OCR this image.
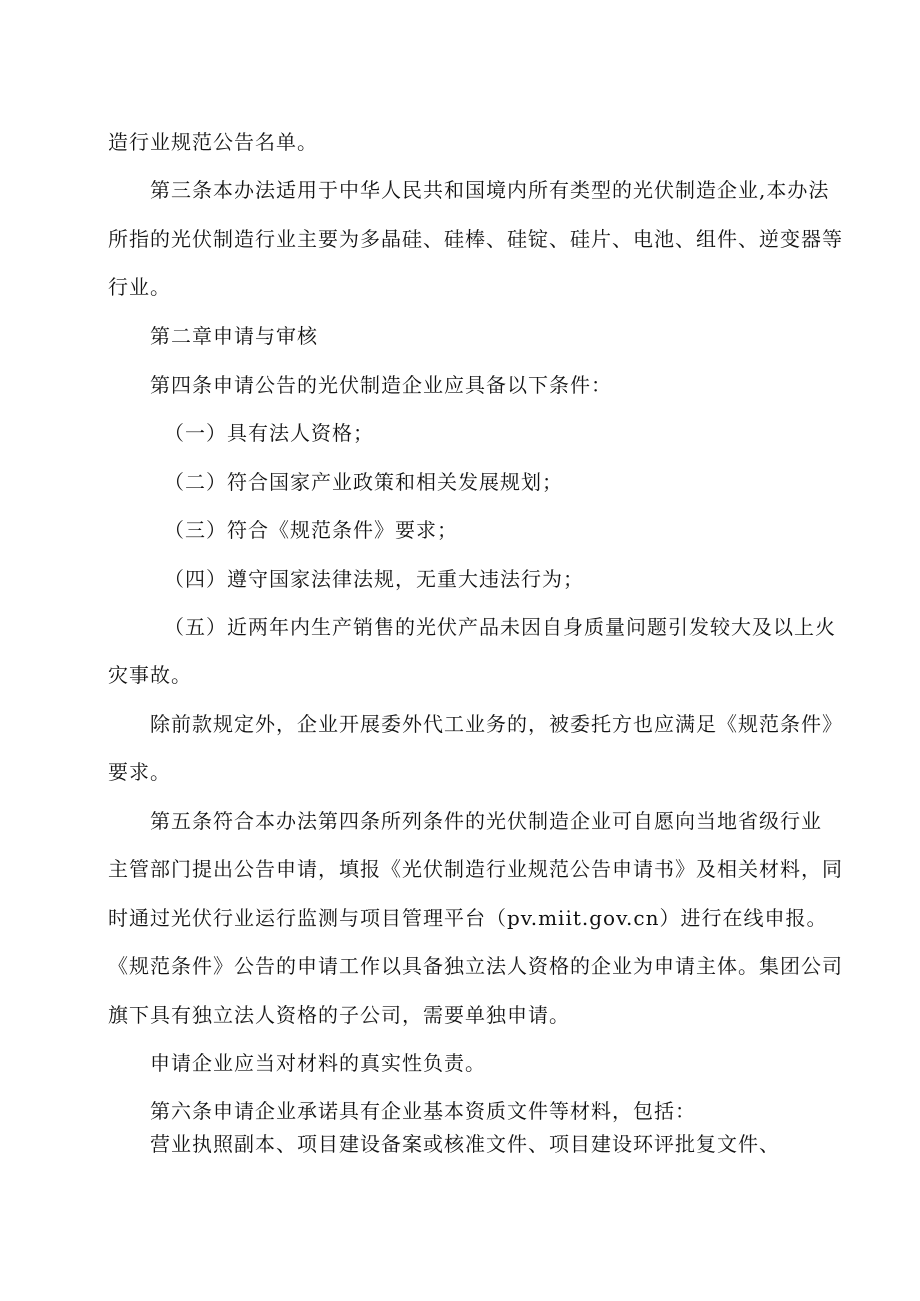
造行业规范公告名单。
第三条本办法适用于中华人民共和国境内所有类型的光伏制造企业,本办法
所指的光伏制造行业主要为多晶硅、硅棒、硅锭、硅片、电池、组件、逆变器等
行业。
第二章申请与审核
第四条申请公告的光伏制造企业应具备以下条件：
（一）具有法人资格；
（二）符合国家产业政策和相关发展规划；
（三）符合《规范条件》要求；
（四）遵守国家法律法规，无重大违法行为；
（五）近两年内生产销售的光伏产品未因自身质量问题引发较大及以上火
灾事故。
除前款规定外，企业开展委外代工业务的，被委托方也应满足《规范条件》
要求。
第五条符合本办法第四条所列条件的光伏制造企业可自愿向当地省级行业
主管部门提出公告申请，填报《光伏制造行业规范公告申请书》及相关材料，同
时通过光伏行业运行监测与项目管理平台（pv.miit.gov.cn）进行在线申报。
《规范条件》公告的申请工作以具备独立法人资格的企业为申请主体。集团公司
旗下具有独立法人资格的子公司，需要单独申请。
申请企业应当对材料的真实性负责。
第六条申请企业承诺具有企业基本资质文件等材料，包括：
营业执照副本、项目建设备案或核准文件、项目建设环评批复文件、
